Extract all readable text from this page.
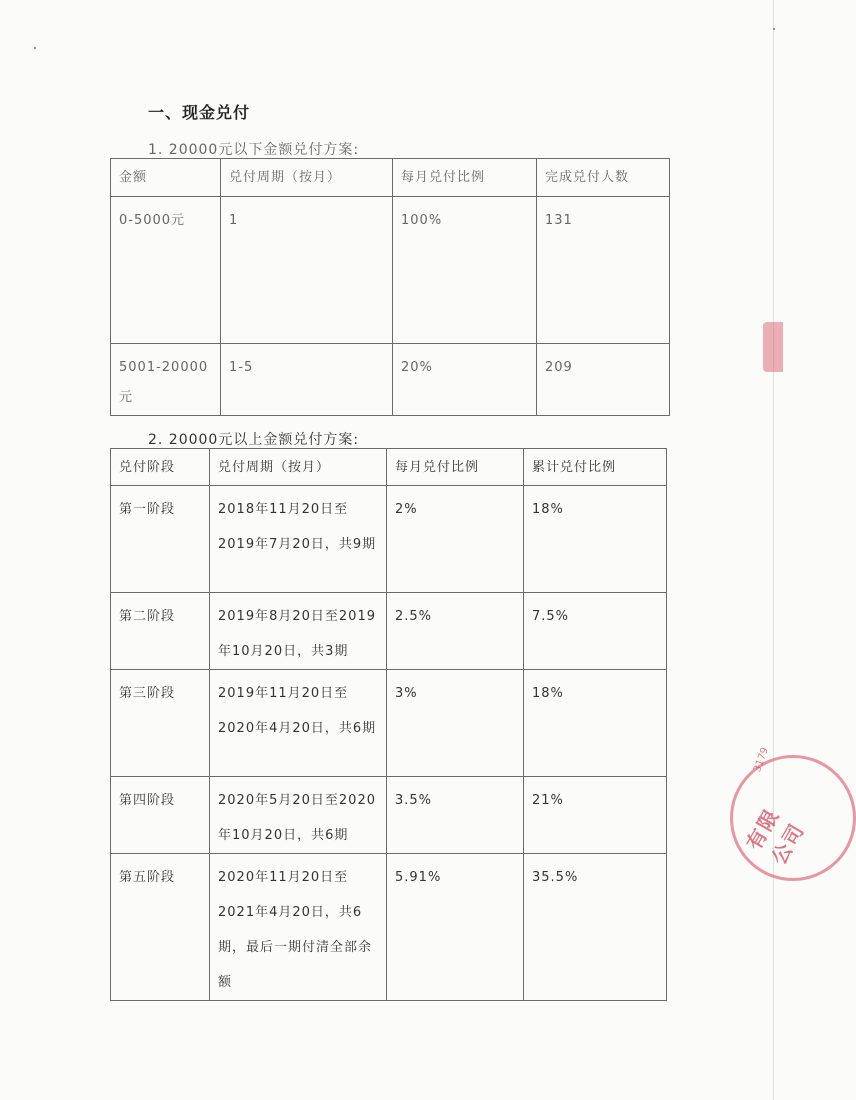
一、现金兑付
1. 20000元以下金额兑付方案:
金额	兑付周期（按月）	每月兑付比例	完成兑付人数
0-5000元	1	100%	131
5001-20000元	1-5	20%	209
2. 20000元以上金额兑付方案:
兑付阶段	兑付周期（按月）	每月兑付比例	累计兑付比例
第一阶段	2018年11月20日至2019年7月20日，共9期	2%	18%
第二阶段	2019年8月20日至2019年10月20日，共3期	2.5%	7.5%
第三阶段	2019年11月20日至2020年4月20日，共6期	3%	18%
第四阶段	2020年5月20日至2020年10月20日，共6期	3.5%	21%
第五阶段	2020年11月20日至2021年4月20日，共6期，最后一期付清全部余额	5.91%	35.5%
有限公司
3179
